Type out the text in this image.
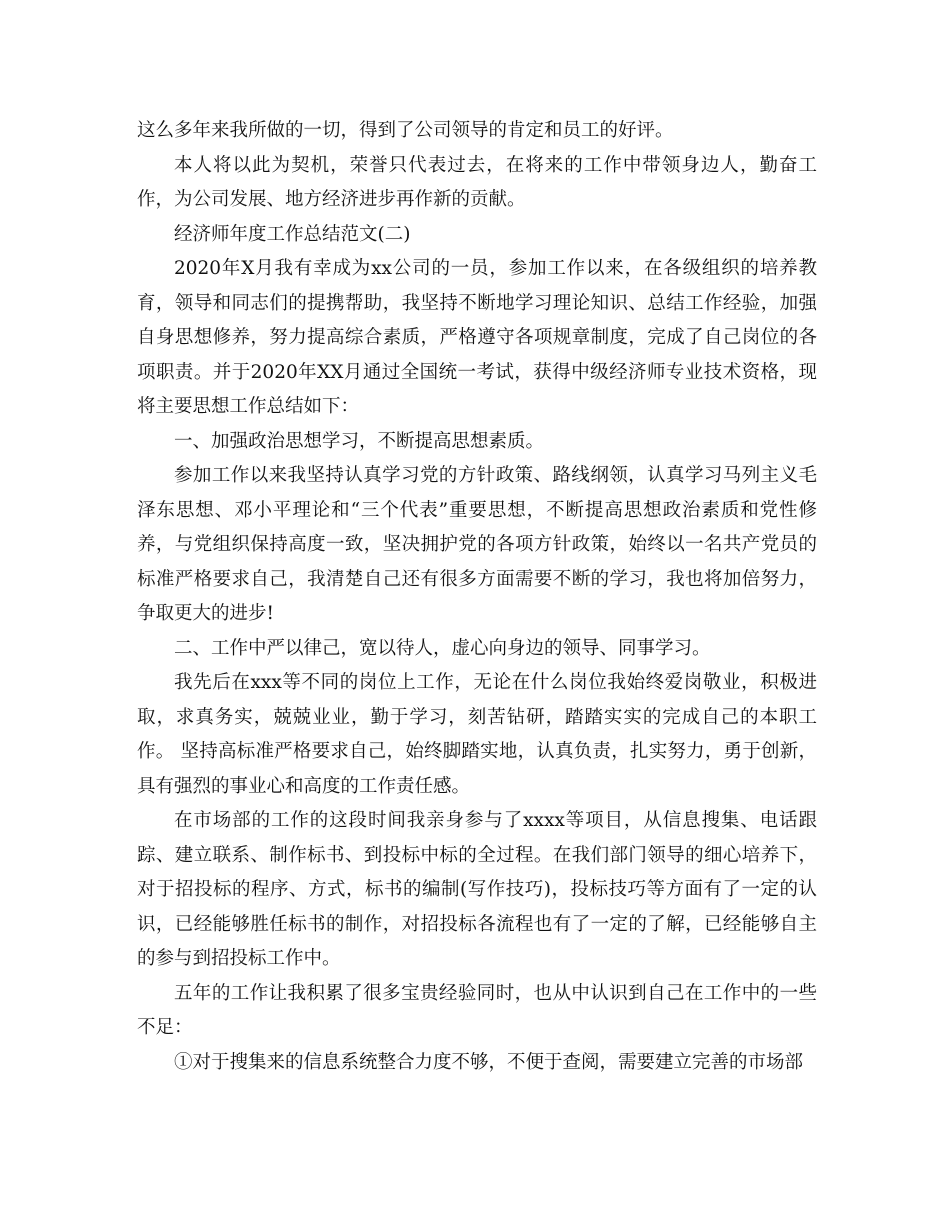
这么多年来我所做的一切，得到了公司领导的肯定和员工的好评。

本人将以此为契机，荣誉只代表过去，在将来的工作中带领身边人，勤奋工作，为公司发展、地方经济进步再作新的贡献。

经济师年度工作总结范文(二)

2020年X月我有幸成为xx公司的一员，参加工作以来，在各级组织的培养教育，领导和同志们的提携帮助，我坚持不断地学习理论知识、总结工作经验，加强自身思想修养，努力提高综合素质，严格遵守各项规章制度，完成了自己岗位的各项职责。并于2020年XX月通过全国统一考试，获得中级经济师专业技术资格，现将主要思想工作总结如下：

一、加强政治思想学习，不断提高思想素质。

参加工作以来我坚持认真学习党的方针政策、路线纲领，认真学习马列主义毛泽东思想、邓小平理论和“三个代表”重要思想，不断提高思想政治素质和党性修养，与党组织保持高度一致，坚决拥护党的各项方针政策，始终以一名共产党员的标准严格要求自己，我清楚自己还有很多方面需要不断的学习，我也将加倍努力，争取更大的进步!

二、工作中严以律己，宽以待人，虚心向身边的领导、同事学习。

我先后在xxx等不同的岗位上工作，无论在什么岗位我始终爱岗敬业，积极进取，求真务实，兢兢业业，勤于学习，刻苦钻研，踏踏实实的完成自己的本职工作。 坚持高标准严格要求自己，始终脚踏实地，认真负责，扎实努力，勇于创新，具有强烈的事业心和高度的工作责任感。

在市场部的工作的这段时间我亲身参与了xxxx等项目，从信息搜集、电话跟踪、建立联系、制作标书、到投标中标的全过程。在我们部门领导的细心培养下，对于招投标的程序、方式，标书的编制(写作技巧)，投标技巧等方面有了一定的认识，已经能够胜任标书的制作，对招投标各流程也有了一定的了解，已经能够自主的参与到招投标工作中。

五年的工作让我积累了很多宝贵经验同时，也从中认识到自己在工作中的一些不足：

①对于搜集来的信息系统整合力度不够，不便于查阅，需要建立完善的市场部
